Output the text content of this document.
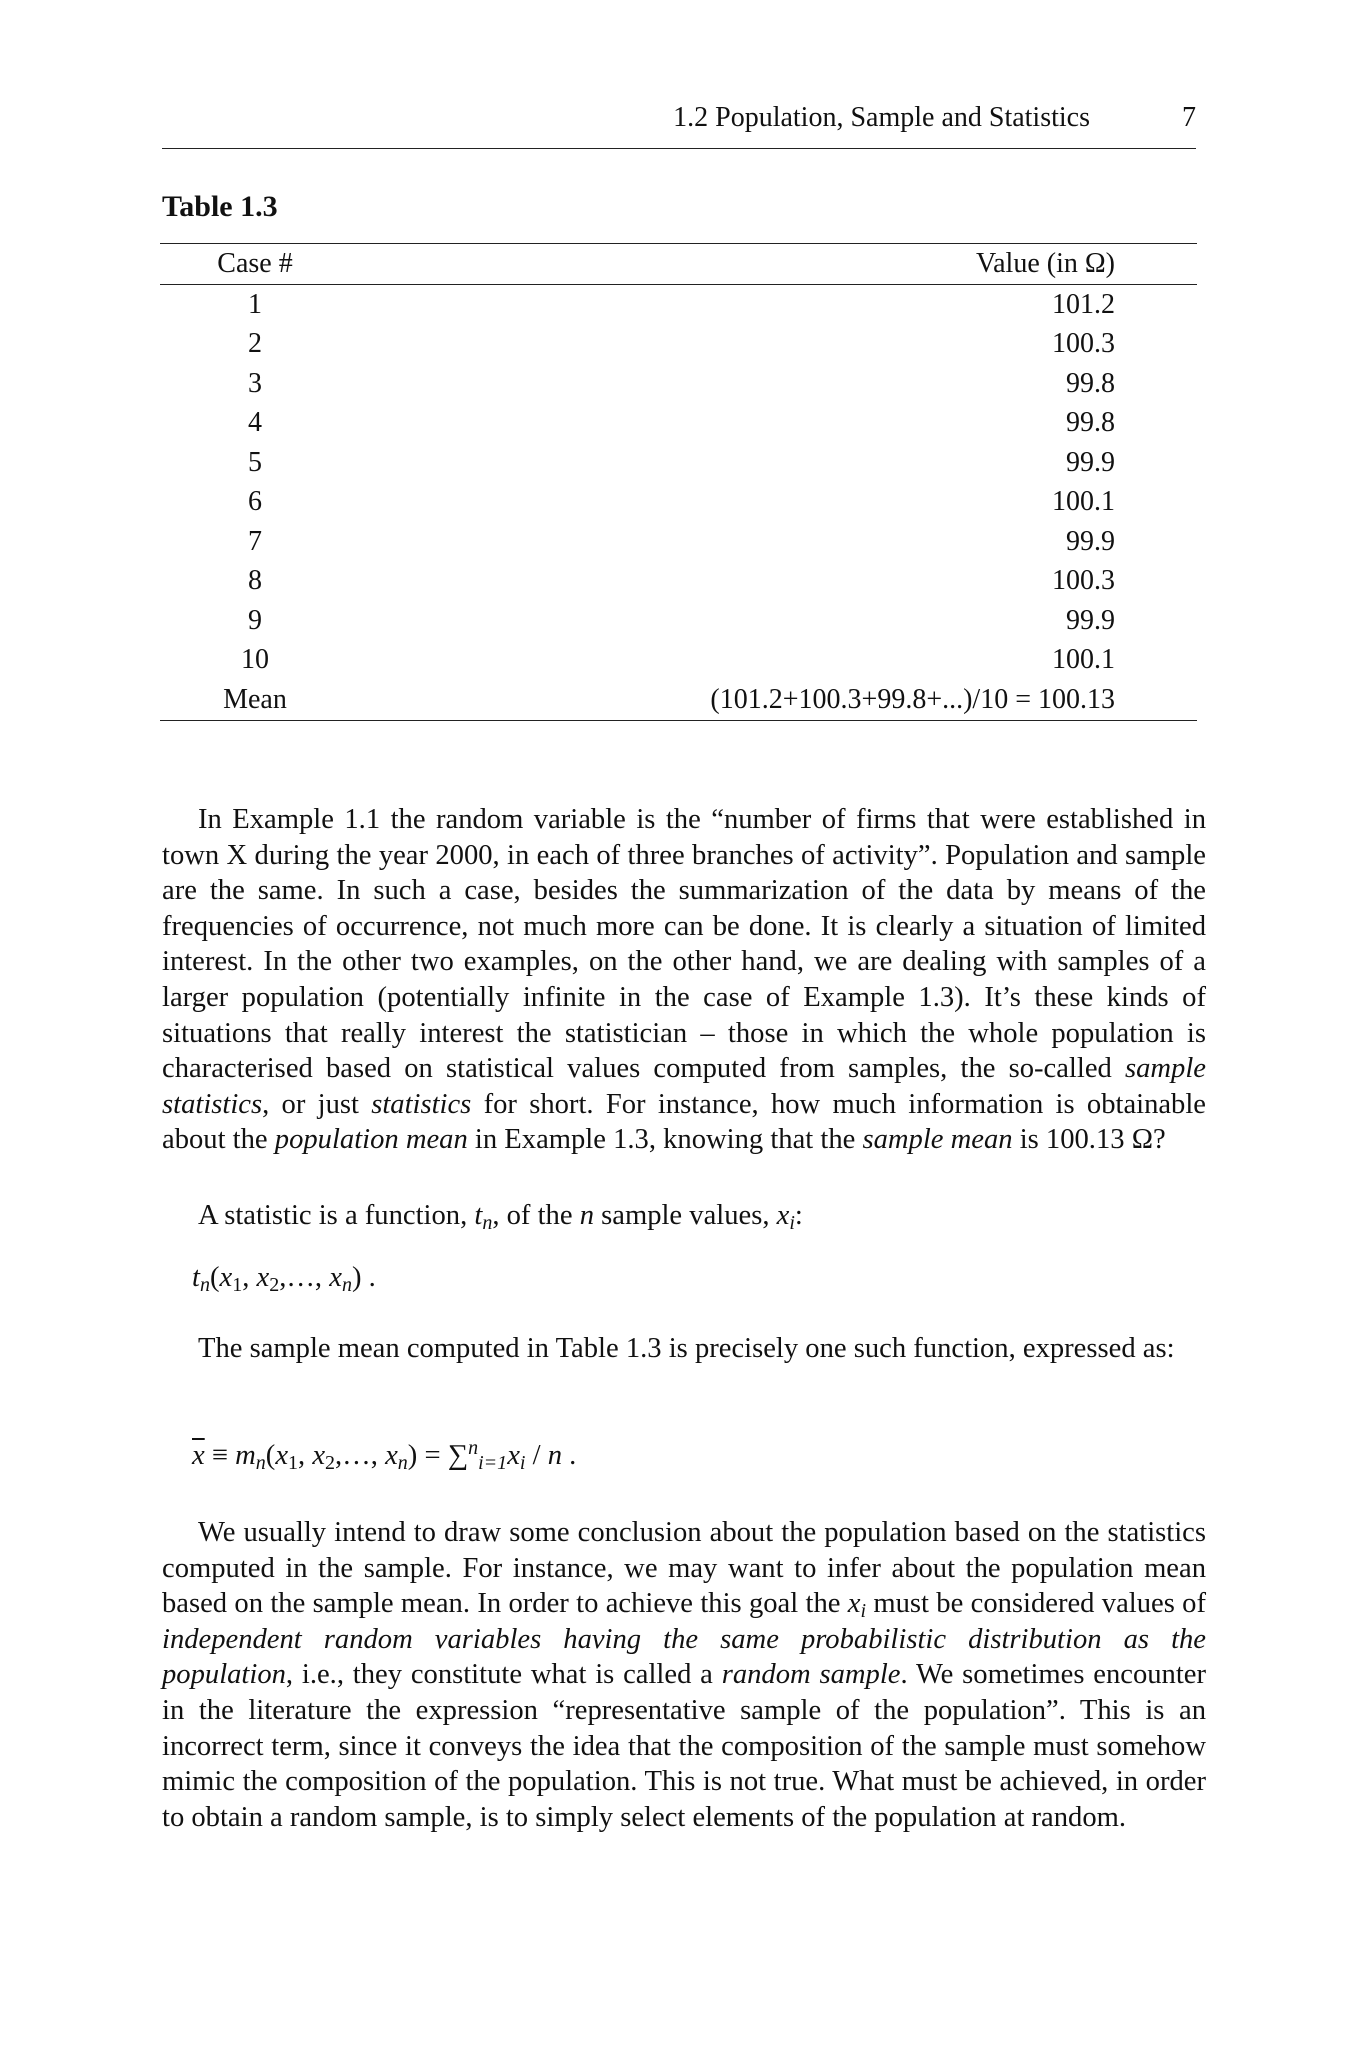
1.2 Population, Sample and Statistics	7
Table 1.3
Case #	Value (in Ω)
1	101.2
2	100.3
3	99.8
4	99.8
5	99.9
6	100.1
7	99.9
8	100.3
9	99.9
10	100.1
Mean	(101.2+100.3+99.8+...)/10 = 100.13
In Example 1.1 the random variable is the “number of firms that were established in town X during the year 2000, in each of three branches of activity”. Population and sample are the same. In such a case, besides the summarization of the data by means of the frequencies of occurrence, not much more can be done. It is clearly a situation of limited interest. In the other two examples, on the other hand, we are dealing with samples of a larger population (potentially infinite in the case of Example 1.3). It’s these kinds of situations that really interest the statistician – those in which the whole population is characterised based on statistical values computed from samples, the so-called sample statistics, or just statistics for short. For instance, how much information is obtainable about the population mean in Example 1.3, knowing that the sample mean is 100.13 Ω?
A statistic is a function, $t_n$, of the n sample values, $x_i$:
$t_n(x_1$, $x_2,\dots$, $x_n$) .
The sample mean computed in Table 1.3 is precisely one such function, expressed as:
$\overline{x} \equiv m_n(x_1$, $x_2,\dots$, $x_n) = \sum^n_{i=1}x_i / n$ .
We usually intend to draw some conclusion about the population based on the statistics computed in the sample. For instance, we may want to infer about the population mean based on the sample mean. In order to achieve this goal the $x_i$ must be considered values of independent random variables having the same probabilistic distribution as the population, i.e., they constitute what is called a random sample. We sometimes encounter in the literature the expression “representative sample of the population”. This is an incorrect term, since it conveys the idea that the composition of the sample must somehow mimic the composition of the population. This is not true. What must be achieved, in order to obtain a random sample, is to simply select elements of the population at random.
